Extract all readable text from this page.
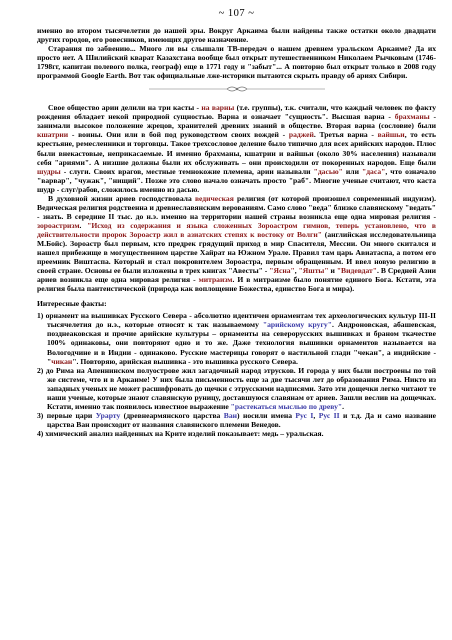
~ 107 ~

именно во втором тысячелетии до нашей эры. Вокруг Аркаима были найдены также остатки около двадцати других городов, его ровесников, имеющих другое назначение.

Старания по забвению... Много ли вы слышали ТВ-передач о нашем древнем уральском Аркаиме? Да их просто нет. А Шилийский кварат Казахстана вообще был открыт путешественником Николаем Рычковым (1746-1798гг, капитан полевого полка, географ) еще в 1771 году и "забыт"... А повторно был открыт только в 2008 году программой Google Earth. Вот так официальные лже-историки пытаются скрыть правду об ариях Сибири.

Свое общество арии делили на три касты - на варны (т.е. группы), т.к. считали, что каждый человек по факту рождения обладает некой природной сущностью. Варна и означает "сущность". Высшая варна - брахманы - занимали высокое положение жрецов, хранителей древних знаний в обществе. Вторая варна (сословие) были кшатрии - воины. Они или в бой под руководством своих вождей - раджей. Третья варна - вайшьи, то есть крестьяне, ремесленники и торговцы. Такое трехсословое деление было типично для всех арийских народов. Плюс были внекастовые, неприкасаемые. И именно брахманы, кшатрии и вайшьи (около 30% населения) называли себя "ариями". А низшие должны были их обслуживать – они происходили от покоренных народов. Еще были шудры - слуги. Своих врагов, местные темнокожие племена, арии называли "дасью" или "даса", что означало "варвар", "чужак", "нищий". Позже это слово начало означать просто "раб". Многие ученые считают, что каста шудр - слуг/рабов, сложилось именно из дасью.

В духовной жизни ариев господствовала ведическая религия (от которой произошел современный индуизм). Ведическая религия родственна и древнеславянским верованиям. Само слово "веда" близко славянскому "ведать" - знать. В середине II тыс. до н.э. именно на территории нашей страны возникла еще одна мировая религия - зороастризм. "Исход из содержания и языка сложенных Зороастром гимнов, теперь установлено, что в действительности пророк Зороастр жил в азиатских степях к востоку от Волги" (английская исследовательница М.Бойс). Зороастр был первым, кто предрек грядущий приход в мир Спасителя, Мессии. Он много скитался и нашел прибежище в могущественном царстве Хайрат на Южном Урале. Правил там царь Авиатаспа, а потом его преемник Виштаспа. Который и стал покровителем Зороастра, первым обращенным. И ввел новую религию в своей стране. Основы ее были изложены в трех книгах "Авесты" - "Ясна", "Яшты" и "Видевдат". В Средней Азии ариев возникла еще одна мировая религия - митраизм. И в митраизме было понятие единого Бога. Кстати, эта религия была пантеистической (природа как воплощение Божества, единство Бога и мира).

Интересные факты:

1) орнамент на вышивках Русского Севера - абсолютно идентичен орнаментам тех археологических культур III-II тысячелетия до н.э., которые относят к так называемому "арийскому кругу". Андроновская, абашевская, позднеаковская и прочие арийские культуры – орнаменты на северорусских вышивках и браном ткачестве 100% одинаковы, они повторяют одно и то же. Даже технология вышивки орнаментов называется на Вологодчине и в Индии - одинаково. Русские мастерицы говорят о настильной глади "чекан", а индийские - "чикан". Повторяю, арийская вышивка - это вышивка русского Севера.
2) до Рима на Апеннинском полуострове жил загадочный народ этрусков. И города у них были построены по той же системе, что и в Аркаиме! У них была письменность еще за две тысячи лет до образования Рима. Никто из западных ученых не может расшифровать до щечки с этрусскими надписями. Зато эти дощечки легко читают те наши ученые, которые знают славянскую руницу, доставшуюся славянам от ариев. Зашли веслив на дощечках. Кстати, именно так появилось известное выражение "растекаться мыслью по древу".
3) первые цари Урарту (древнеармянского царства Ван) носили имена Рус I, Рус II и т.д. Да и само название царства Ван происходит от названия славянского племени Венедов.
4) химический анализ найденных на Крите изделий показывает: медь – уральская.
